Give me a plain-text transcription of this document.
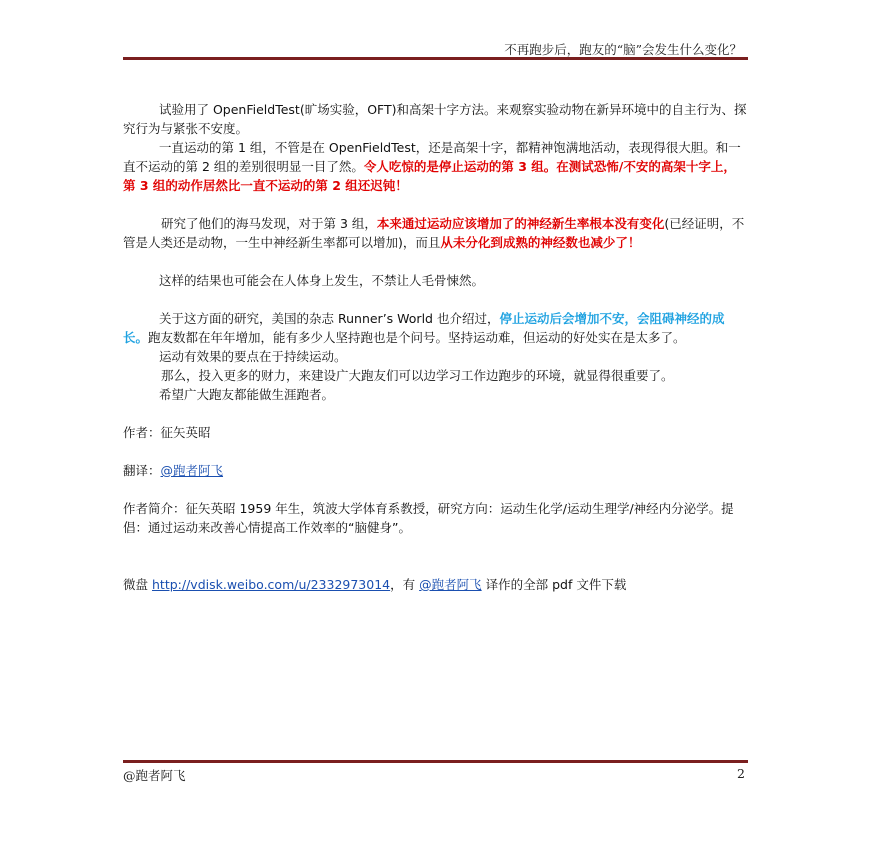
不再跑步后，跑友的“脑”会发生什么变化？

试验用了 OpenFieldTest(旷场实验，OFT)和高架十字方法。来观察实验动物在新异环境中的自主行为、探究行为与紧张不安度。

一直运动的第 1 组，不管是在 OpenFieldTest，还是高架十字，都精神饱满地活动，表现得很大胆。和一直不运动的第 2 组的差别很明显一目了然。令人吃惊的是停止运动的第 3 组。在测试恐怖/不安的高架十字上，第 3 组的动作居然比一直不运动的第 2 组还迟钝！

研究了他们的海马发现，对于第 3 组，本来通过运动应该增加了的神经新生率根本没有变化(已经证明，不管是人类还是动物，一生中神经新生率都可以增加)，而且从未分化到成熟的神经数也减少了！

这样的结果也可能会在人体身上发生，不禁让人毛骨悚然。

关于这方面的研究，美国的杂志 Runner’s World 也介绍过，停止运动后会增加不安，会阻碍神经的成长。跑友数都在年年增加，能有多少人坚持跑也是个问号。坚持运动难，但运动的好处实在是太多了。

运动有效果的要点在于持续运动。

那么，投入更多的财力，来建设广大跑友们可以边学习工作边跑步的环境，就显得很重要了。

希望广大跑友都能做生涯跑者。

作者：征矢英昭

翻译：@跑者阿飞

作者简介：征矢英昭 1959 年生，筑波大学体育系教授，研究方向：运动生化学/运动生理学/神经内分泌学。提倡：通过运动来改善心情提高工作效率的“脑健身”。

微盘 http://vdisk.weibo.com/u/2332973014，有 @跑者阿飞 译作的全部 pdf 文件下载

@跑者阿飞	2
